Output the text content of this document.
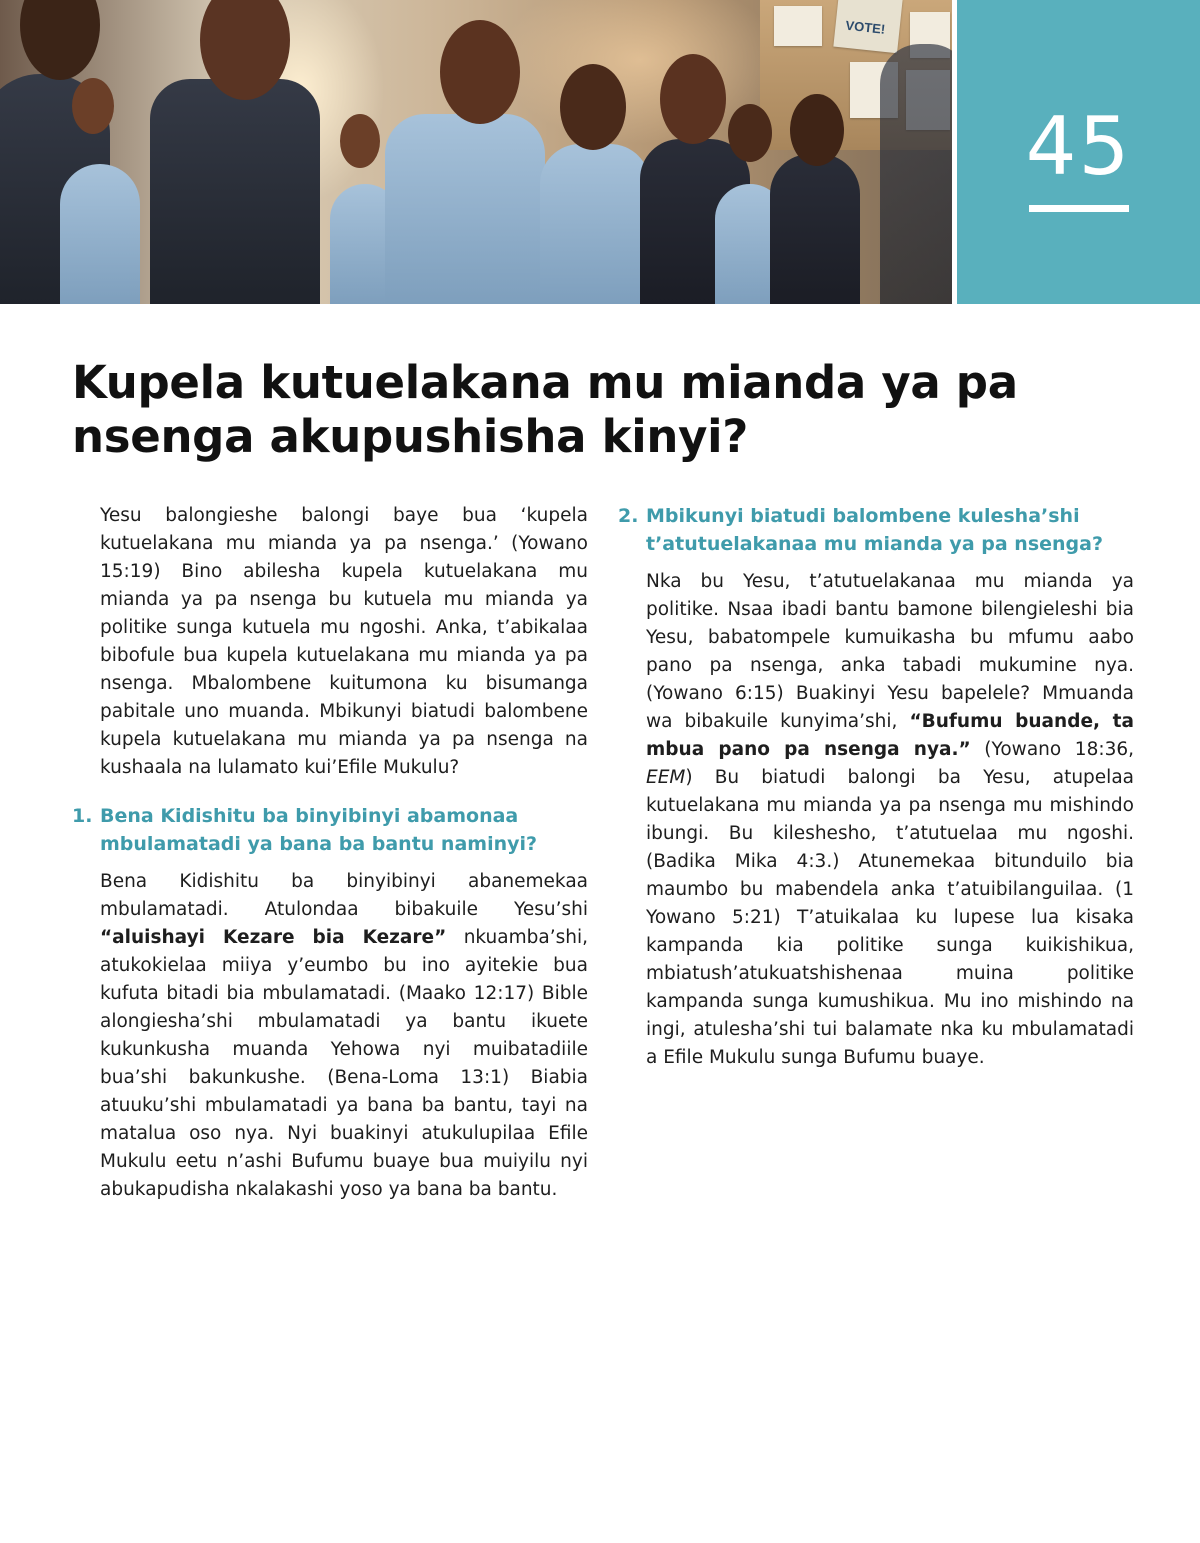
VOTE!
45
Kupela kutuelakana mu mianda ya pa nsenga akupushisha kinyi?

Yesu balongieshe balongi baye bua ‘kupela kutuelakana mu mianda ya pa nsenga.’ (Yowano 15:19) Bino abilesha kupela kutuelakana mu mianda ya pa nsenga bu kutuela mu mianda ya politike sunga kutuela mu ngoshi. Anka, t’abikalaa bibofule bua kupela kutuelakana mu mianda ya pa nsenga. Mbalombene kuitumona ku bisumanga pabitale uno muanda. Mbikunyi biatudi balombene kupela kutuelakana mu mianda ya pa nsenga na kushaala na lulamato kui’Efile Mukulu?

1. Bena Kidishitu ba binyibinyi abamonaa mbulamatadi ya bana ba bantu naminyi?

Bena Kidishitu ba binyibinyi abanemekaa mbulamatadi. Atulondaa bibakuile Yesu’shi “aluishayi Kezare bia Kezare” nkuamba’shi, atukokielaa miiya y’eumbo bu ino ayitekie bua kufuta bitadi bia mbulamatadi. (Maako 12:17) Bible alongiesha’shi mbulamatadi ya bantu ikuete kukunkusha muanda Yehowa nyi muibatadiile bua’shi bakunkushe. (Bena-Loma 13:1) Biabia atuuku’shi mbulamatadi ya bana ba bantu, tayi na matalua oso nya. Nyi buakinyi atukulupilaa Efile Mukulu eetu n’ashi Bufumu buaye bua muiyilu nyi abukapudisha nkalakashi yoso ya bana ba bantu.

2. Mbikunyi biatudi balombene kulesha’shi t’atutuelakanaa mu mianda ya pa nsenga?

Nka bu Yesu, t’atutuelakanaa mu mianda ya politike. Nsaa ibadi bantu bamone bilengieleshi bia Yesu, babatompele kumuikasha bu mfumu aabo pano pa nsenga, anka tabadi mukumine nya. (Yowano 6:15) Buakinyi Yesu bapelele? Mmuanda wa bibakuile kunyima’shi, “Bufumu buande, ta mbua pano pa nsenga nya.” (Yowano 18:36, EEM) Bu biatudi balongi ba Yesu, atupelaa kutuelakana mu mianda ya pa nsenga mu mishindo ibungi. Bu kileshesho, t’atutuelaa mu ngoshi. (Badika Mika 4:3.) Atunemekaa bitunduilo bia maumbo bu mabendela anka t’atuibilanguilaa. (1 Yowano 5:21) T’atuikalaa ku lupese lua kisaka kampanda kia politike sunga kuikishikua, mbiatush’atukuatshishenaa muina politike kampanda sunga kumushikua. Mu ino mishindo na ingi, atulesha’shi tui balamate nka ku mbulamatadi a Efile Mukulu sunga Bufumu buaye.
